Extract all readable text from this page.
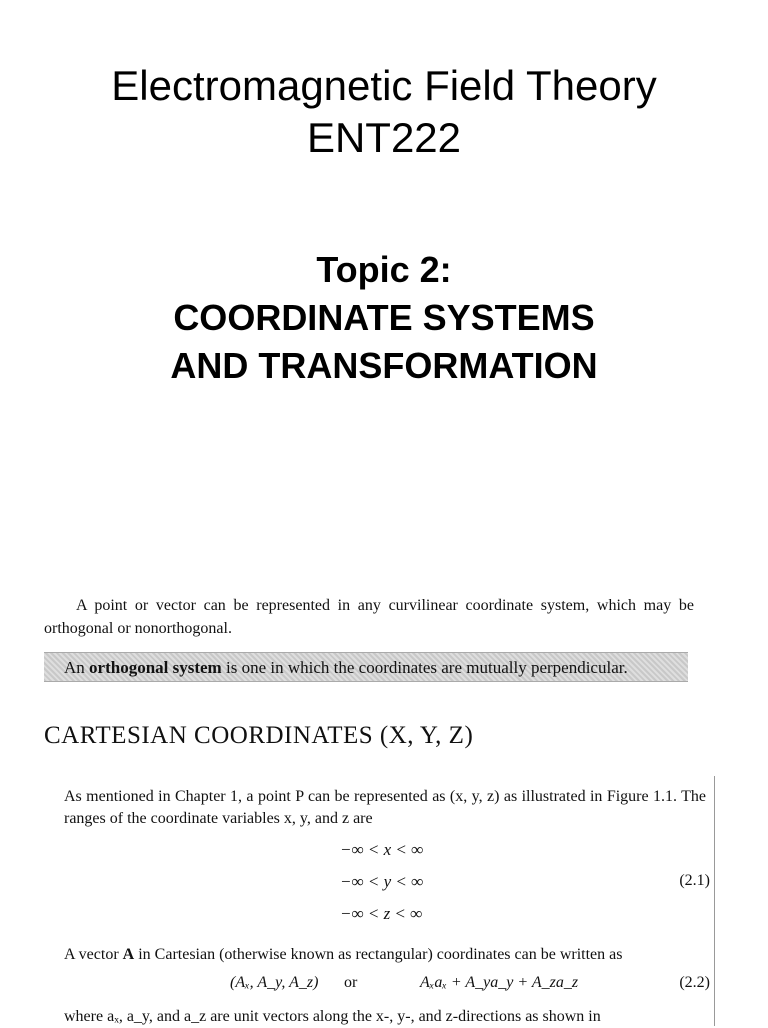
Electromagnetic Field Theory
ENT222
Topic 2:
COORDINATE SYSTEMS
AND TRANSFORMATION
A point or vector can be represented in any curvilinear coordinate system, which may be orthogonal or nonorthogonal.
An orthogonal system is one in which the coordinates are mutually perpendicular.
CARTESIAN COORDINATES (X, Y, Z)
As mentioned in Chapter 1, a point P can be represented as (x, y, z) as illustrated in Figure 1.1. The ranges of the coordinate variables x, y, and z are
−∞ < x < ∞
−∞ < y < ∞	(2.1)
−∞ < z < ∞
A vector A in Cartesian (otherwise known as rectangular) coordinates can be written as
(Aₓ, A_y, A_z) or	Aₓaₓ + A_ya_y + A_za_z	(2.2)
where aₓ, a_y, and a_z are unit vectors along the x-, y-, and z-directions as shown in
